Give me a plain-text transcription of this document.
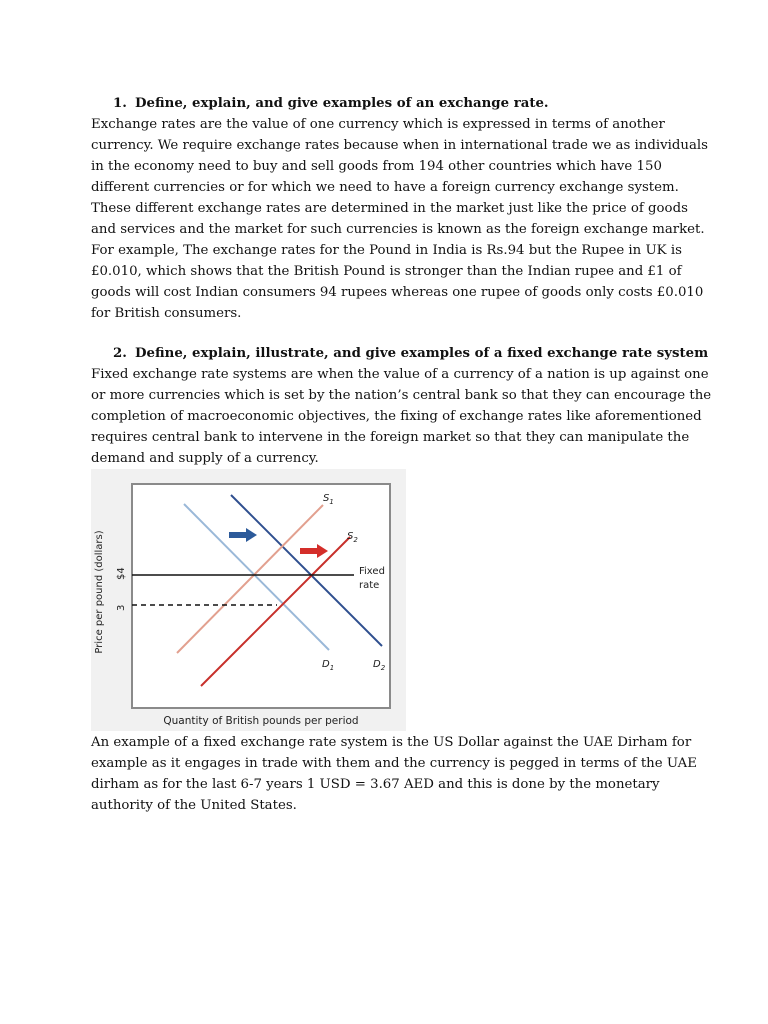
1. Define, explain, and give examples of an exchange rate.
Exchange rates are the value of one currency which is expressed in terms of another
currency. We require exchange rates because when in international trade we as individuals
in the economy need to buy and sell goods from 194 other countries which have 150
different currencies or for which we need to have a foreign currency exchange system.
These different exchange rates are determined in the market just like the price of goods
and services and the market for such currencies is known as the foreign exchange market.
For example, The exchange rates for the Pound in India is Rs.94 but the Rupee in UK is
£0.010, which shows that the British Pound is stronger than the Indian rupee and £1 of
goods will cost Indian consumers 94 rupees whereas one rupee of goods only costs £0.010
for British consumers.
2. Define, explain, illustrate, and give examples of a fixed exchange rate system
Fixed exchange rate systems are when the value of a currency of a nation is up against one
or more currencies which is set by the nation’s central bank so that they can encourage the
completion of macroeconomic objectives, the fixing of exchange rates like aforementioned
requires central bank to intervene in the foreign market so that they can manipulate the
demand and supply of a currency.
$S_1$
$S_2$
$D_1$	$D_2$
Fixed
rate
$4
3
Price per pound (dollars)
Quantity of British pounds per period
An example of a fixed exchange rate system is the US Dollar against the UAE Dirham for
example as it engages in trade with them and the currency is pegged in terms of the UAE
dirham as for the last 6-7 years 1 USD = 3.67 AED and this is done by the monetary
authority of the United States.
